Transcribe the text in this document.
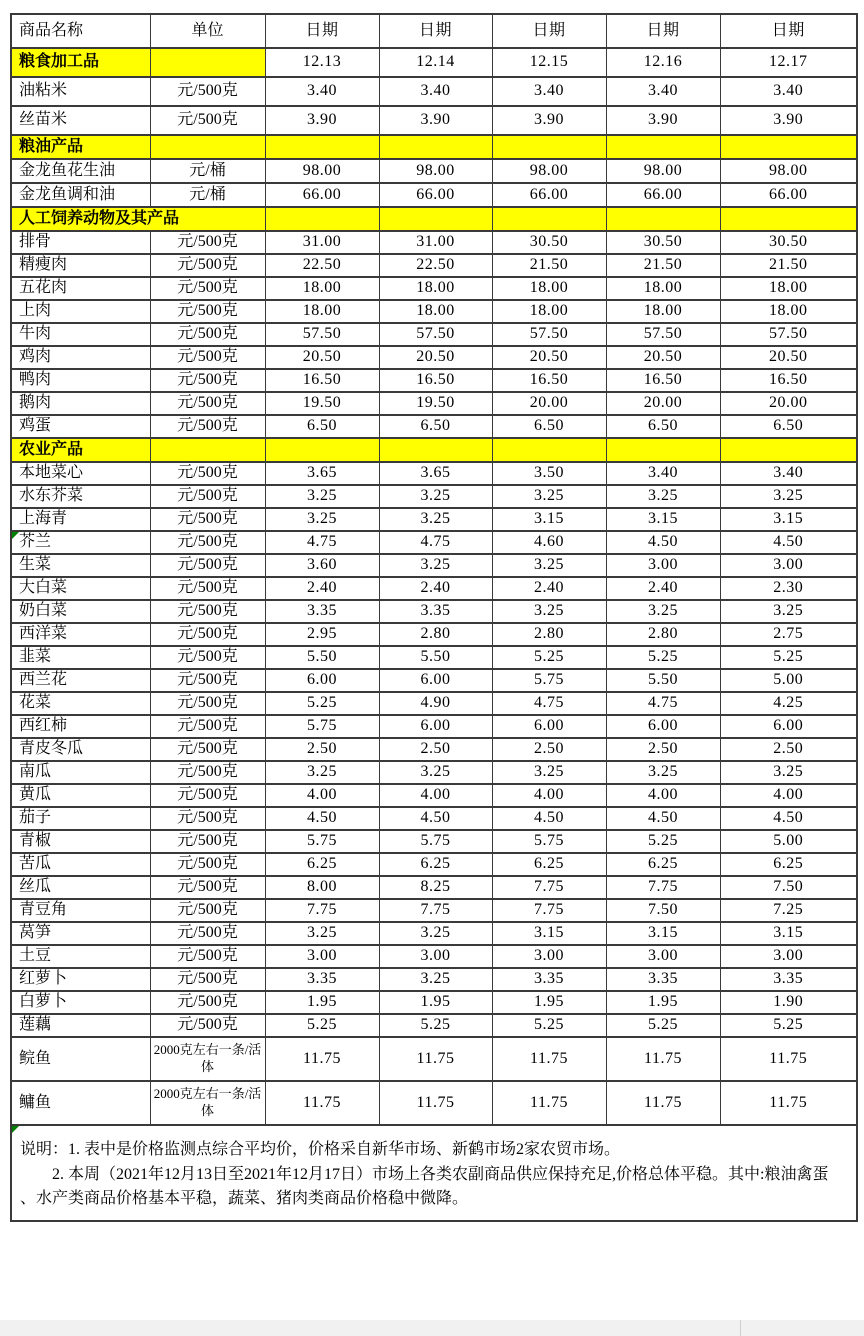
商品名称	单位	日期	日期	日期	日期	日期
粮食加工品		12.13	12.14	12.15	12.16	12.17
油粘米	元/500克	3.40	3.40	3.40	3.40	3.40
丝苗米	元/500克	3.90	3.90	3.90	3.90	3.90
粮油产品						
金龙鱼花生油	元/桶	98.00	98.00	98.00	98.00	98.00
金龙鱼调和油	元/桶	66.00	66.00	66.00	66.00	66.00
人工饲养动物及其产品						
排骨	元/500克	31.00	31.00	30.50	30.50	30.50
精瘦肉	元/500克	22.50	22.50	21.50	21.50	21.50
五花肉	元/500克	18.00	18.00	18.00	18.00	18.00
上肉	元/500克	18.00	18.00	18.00	18.00	18.00
牛肉	元/500克	57.50	57.50	57.50	57.50	57.50
鸡肉	元/500克	20.50	20.50	20.50	20.50	20.50
鸭肉	元/500克	16.50	16.50	16.50	16.50	16.50
鹅肉	元/500克	19.50	19.50	20.00	20.00	20.00
鸡蛋	元/500克	6.50	6.50	6.50	6.50	6.50
农业产品						
本地菜心	元/500克	3.65	3.65	3.50	3.40	3.40
水东芥菜	元/500克	3.25	3.25	3.25	3.25	3.25
上海青	元/500克	3.25	3.25	3.15	3.15	3.15
芥兰	元/500克	4.75	4.75	4.60	4.50	4.50
生菜	元/500克	3.60	3.25	3.25	3.00	3.00
大白菜	元/500克	2.40	2.40	2.40	2.40	2.30
奶白菜	元/500克	3.35	3.35	3.25	3.25	3.25
西洋菜	元/500克	2.95	2.80	2.80	2.80	2.75
韭菜	元/500克	5.50	5.50	5.25	5.25	5.25
西兰花	元/500克	6.00	6.00	5.75	5.50	5.00
花菜	元/500克	5.25	4.90	4.75	4.75	4.25
西红柿	元/500克	5.75	6.00	6.00	6.00	6.00
青皮冬瓜	元/500克	2.50	2.50	2.50	2.50	2.50
南瓜	元/500克	3.25	3.25	3.25	3.25	3.25
黄瓜	元/500克	4.00	4.00	4.00	4.00	4.00
茄子	元/500克	4.50	4.50	4.50	4.50	4.50
青椒	元/500克	5.75	5.75	5.75	5.25	5.00
苦瓜	元/500克	6.25	6.25	6.25	6.25	6.25
丝瓜	元/500克	8.00	8.25	7.75	7.75	7.50
青豆角	元/500克	7.75	7.75	7.75	7.50	7.25
莴笋	元/500克	3.25	3.25	3.15	3.15	3.15
土豆	元/500克	3.00	3.00	3.00	3.00	3.00
红萝卜	元/500克	3.35	3.25	3.35	3.35	3.35
白萝卜	元/500克	1.95	1.95	1.95	1.95	1.90
莲藕	元/500克	5.25	5.25	5.25	5.25	5.25
鲩鱼	2000克左右一条/活体	11.75	11.75	11.75	11.75	11.75
鳙鱼	2000克左右一条/活体	11.75	11.75	11.75	11.75	11.75

说明：1. 表中是价格监测点综合平均价，价格采自新华市场、新鹤市场2家农贸市场。
2. 本周（2021年12月13日至2021年12月17日）市场上各类农副商品供应保持充足,价格总体平稳。其中:粮油禽蛋
、水产类商品价格基本平稳，蔬菜、猪肉类商品价格稳中微降。						
